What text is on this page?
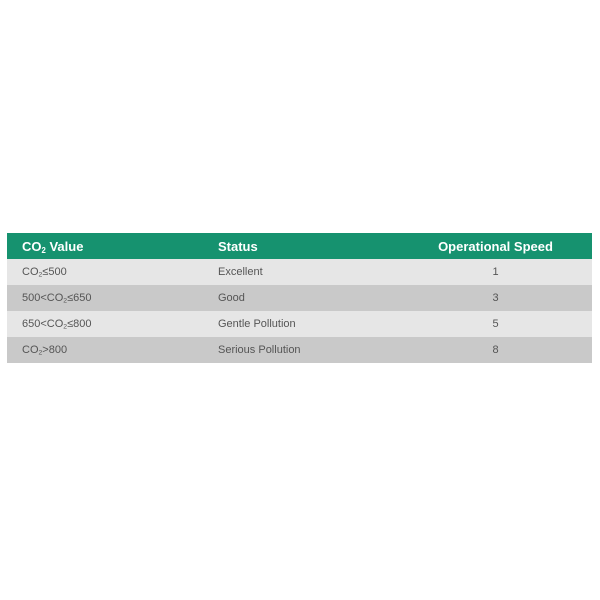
$CO_2$ Value	Status	Operational Speed
$CO_2\le 500$	Excellent	1
$500<CO_2\le 650$	Good	3
$650<CO_2\le 800$	Gentle Pollution	5
$CO_2>800$	Serious Pollution	8
